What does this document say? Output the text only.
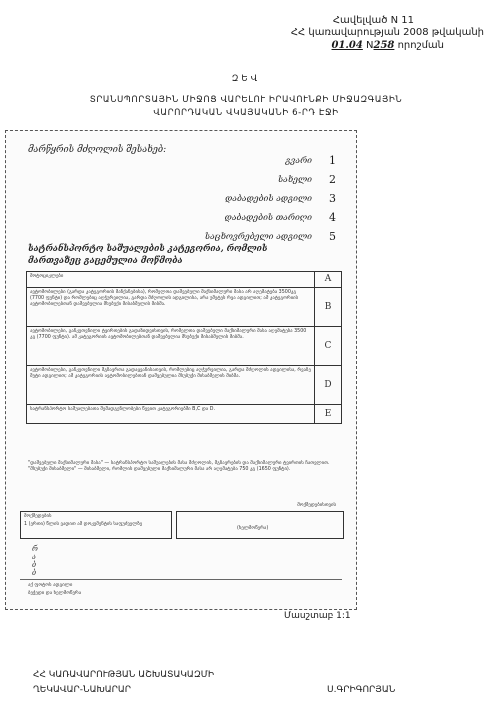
Հավելված N 11
ՀՀ կառավարության 2008 թվականի
01.04 N258 որոշման
ԶԵՎ
ՏՐԱՆՍՊՈՐՏԱՅԻՆ ՄԻՋՈՑ ՎԱՐԵԼՈՒ ԻՐԱՎՈՒՆՔԻ ՄԻՋԱԶԳԱՅԻՆ
ՎԱՐՈՐԴԱԿԱՆ ՎԿԱՅԱԿԱՆԻ 6-ՐԴ ԷՋԻ
მარწყრის მძღოლის შესახებ:
გვარი 1
სახელი 2
დაბადების ადგილი 3
დაბადების თარიღი 4
საცხოვრებელი ადგილი 5
სატრანსპორტო საშუალების კატეგორია, რომლის
მართვაზეც გაცემულია მოწმობა
მოტოციკლები	A
ავტომობილები (გარდა კატეგორიის მანქანებისა), რომელთა დაშვებული მაქსიმალური მასა არ აღემატება 3500კგ (7700 ფუნტი) და რომლებიც აღჭურვილია, გარდა მძღოლის ადგილისა, არა უმეტეს რვა ადგილით; ამ კატეგორიის ავტომობილებთან დაშვებულია მსუბუქი მისაბმელის მიბმა.	B
ავტომობილები, განკუთვნილი ტვირთების გადაზიდვისთვის, რომელთა დაშვებული მაქსიმალური მასა აღემატება 3500 კგ (7700 ფუნტი). ამ კატეგორიის ავტომობილებთან დაშვებულია მსუბუქი მისაბმელის მიბმა.	C
ავტომობილები, განკუთვნილი მგზავრთა გადაყვანისათვის, რომლებიც აღჭურვილია, გარდა მძღოლის ადგილისა, რვაზე მეტი ადგილით; ამ კატეგორიის ავტომობილებთან დაშვებულია მსუბუქი მისაბმელის მიბმა.	D
სატრანსპორტო საშუალებათა შემადგენლობები წევით კატეგორიებში B,C და D.	E
"დაშვებული მაქსიმალური მასა" — სატრანსპორტო საშუალების მასა მძღოლის, მგზავრების და მაქსიმალური ტვირთის ჩათვლით. "მსუბუქი მისაბმელი" — მისაბმელი, რომლის დაშვებული მაქსიმალური მასა არ აღემატება 750 კგ (1650 ფუნტი).
მოქმედებისთვის
მოქმედების
1 (ერთი) წლის ვადით ამ დოკუმენტის საფუძველზე
(ხელმოწერა)
რ
ა
ბ
ბ
აქ ფოტოს ადგილი
ბეჭედი და ხელმოწერა
Մասշտաբ 1:1
ՀՀ ԿԱՌԱՎԱՐՈՒԹՅԱՆ ԱՇԽԱՏԱԿԱԶՄԻ
ՂԵԿԱՎԱՐ-ՆԱԽԱՐԱՐ	Ս.ԳՐԻԳՈՐՅԱՆ
